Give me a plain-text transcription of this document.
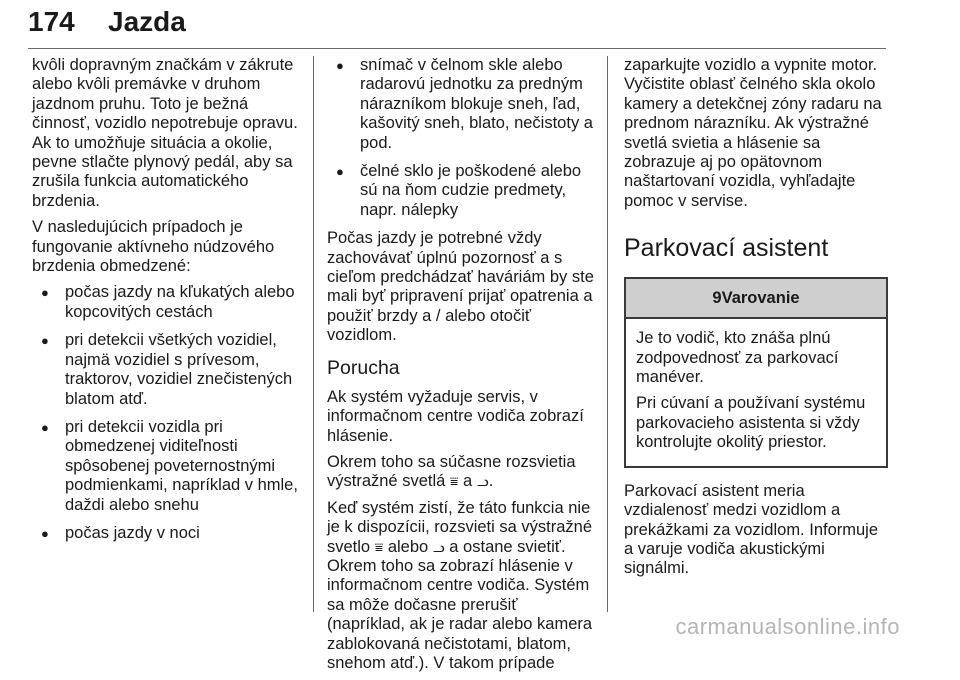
174 Jazda

kvôli dopravným značkám v zákrute alebo kvôli premávke v druhom jazdnom pruhu. Toto je bežná činnosť, vozidlo nepotrebuje opravu. Ak to umožňuje situácia a okolie, pevne stlačte plynový pedál, aby sa zrušila funkcia automatického brzdenia.

V nasledujúcich prípadoch je fungovanie aktívneho núdzového brzdenia obmedzené:

● počas jazdy na kľukatých alebo kopcovitých cestách
● pri detekcii všetkých vozidiel, najmä vozidiel s prívesom, traktorov, vozidiel znečistených blatom atď.
● pri detekcii vozidla pri obmedzenej viditeľnosti spôsobenej poveternostnými podmienkami, napríklad v hmle, daždi alebo snehu
● počas jazdy v noci
● snímač v čelnom skle alebo radarovú jednotku za predným nárazníkom blokuje sneh, ľad, kašovitý sneh, blato, nečistoty a pod.
● čelné sklo je poškodené alebo sú na ňom cudzie predmety, napr. nálepky

Počas jazdy je potrebné vždy zachovávať úplnú pozornosť a s cieľom predchádzať haváriám by ste mali byť pripravení prijať opatrenia a použiť brzdy a / alebo otočiť vozidlom.

Porucha

Ak systém vyžaduje servis, v informačnom centre vodiča zobrazí hlásenie.

Okrem toho sa súčasne rozsvietia výstražné svetlá ⩸ a ᓗ.

Keď systém zistí, že táto funkcia nie je k dispozícii, rozsvieti sa výstražné svetlo ⩸ alebo ᓗ a ostane svietiť. Okrem toho sa zobrazí hlásenie v informačnom centre vodiča. Systém sa môže dočasne prerušiť (napríklad, ak je radar alebo kamera zablokovaná nečistotami, blatom, snehom atď.). V takom prípade

zaparkujte vozidlo a vypnite motor. Vyčistite oblasť čelného skla okolo kamery a detekčnej zóny radaru na prednom nárazníku. Ak výstražné svetlá svietia a hlásenie sa zobrazuje aj po opätovnom naštartovaní vozidla, vyhľadajte pomoc v servise.

Parkovací asistent
9Varovanie

Je to vodič, kto znáša plnú zodpovednosť za parkovací manéver.

Pri cúvaní a používaní systému parkovacieho asistenta si vždy kontrolujte okolitý priestor.

Parkovací asistent meria vzdialenosť medzi vozidlom a prekážkami za vozidlom. Informuje a varuje vodiča akustickými signálmi.

carmanualsonline.info
